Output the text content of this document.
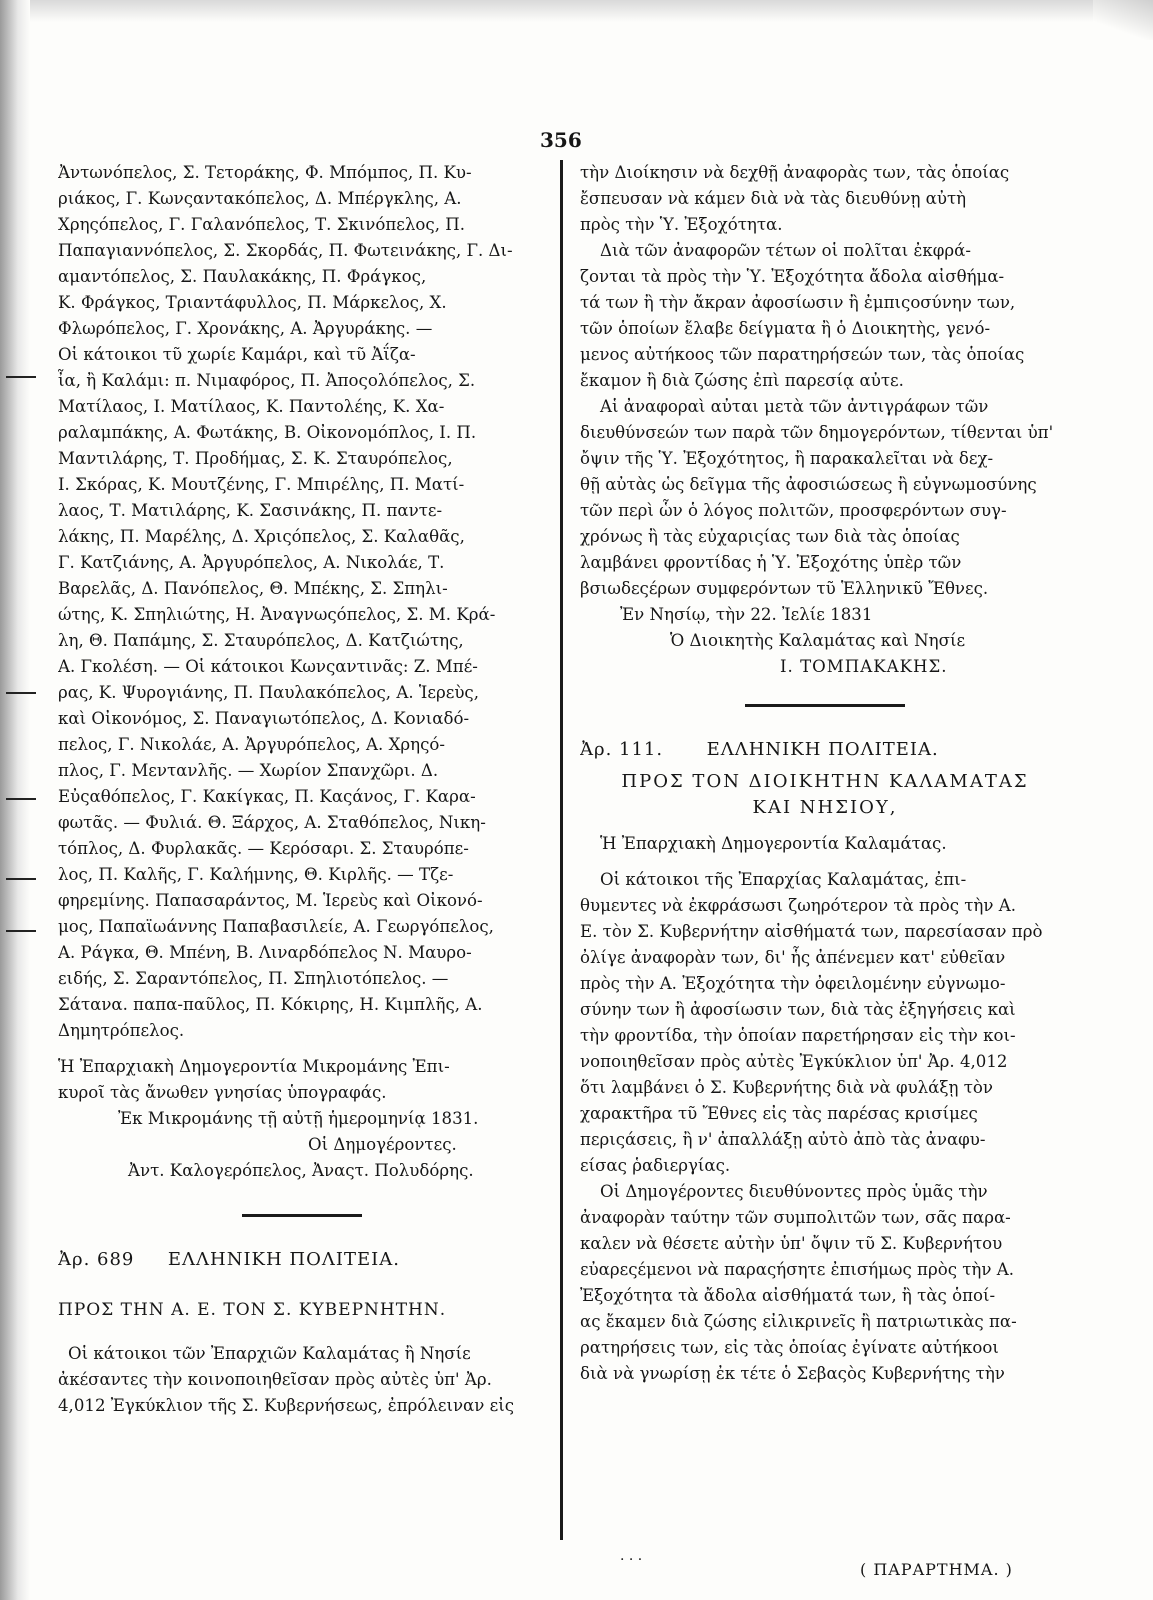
356
Ἀντωνόπελος, Σ. Τετοράκης, Φ. Μπόμπος, Π. Κυ-
ριάκος, Γ. Κωνςαντακόπελος, Δ. Μπέργκλης, Α.
Χρηςόπελος, Γ. Γαλανόπελος, Τ. Σκινόπελος, Π.
Παπαγιαννόπελος, Σ. Σκορδάς, Π. Φωτεινάκης, Γ. Δι-
αμαντόπελος, Σ. Παυλακάκης, Π. Φράγκος,
Κ. Φράγκος, Τριαντάφυλλος, Π. Μάρκελος, Χ.
Φλωρόπελος, Γ. Χρονάκης, Α. Ἀργυράκης. —
Οἱ κάτοικοι τῦ χωρίε Καμάρι, καὶ τῦ Ἀΐζα-
ἶα, ἢ Καλάμι: π. Νιμαφόρος, Π. Ἀποςολόπελος, Σ.
Ματίλαος, Ι. Ματίλαος, Κ. Παντολέης, Κ. Χα-
ραλαμπάκης, Α. Φωτάκης, Β. Οἰκονομόπλος, Ι. Π.
Μαντιλάρης, Τ. Προδήμας, Σ. Κ. Σταυρόπελος,
Ι. Σκόρας, Κ. Μουτζένης, Γ. Μπιρέλης, Π. Ματί-
λαος, Τ. Ματιλάρης, Κ. Σασινάκης, Π. παντε-
λάκης, Π. Μαρέλης, Δ. Χριςόπελος, Σ. Καλαθᾶς,
Γ. Κατζιάνης, Α. Ἀργυρόπελος, Α. Νικολάε, Τ.
Βαρελᾶς, Δ. Πανόπελος, Θ. Μπέκης, Σ. Σπηλι-
ώτης, Κ. Σπηλιώτης, Η. Ἀναγνωςόπελος, Σ. Μ. Κρά-
λη, Θ. Παπάμης, Σ. Σταυρόπελος, Δ. Κατζιώτης,
Α. Γκολέση. — Οἱ κάτοικοι Κωνςαντινᾶς: Ζ. Μπέ-
ρας, Κ. Ψυρογιάνης, Π. Παυλακόπελος, Α. Ἱερεὺς,
καὶ Οἰκονόμος, Σ. Παναγιωτόπελος, Δ. Κονιαδό-
πελος, Γ. Νικολάε, Α. Ἀργυρόπελος, Α. Χρηςό-
πλος, Γ. Μεντανλῆς. — Χωρίον Σπανχῶρι. Δ.
Εὐςαθόπελος, Γ. Κακίγκας, Π. Καςάνος, Γ. Καρα-
φωτᾶς. — Φυλιά. Θ. Ξάρχος, Α. Σταθόπελος, Νικη-
τόπλος, Δ. Φυρλακᾶς. — Κερόσαρι. Σ. Σταυρόπε-
λος, Π. Καλῆς, Γ. Καλήμνης, Θ. Κιρλῆς. — Τζε-
φηρεμίνης. Παπασαράντος, Μ. Ἱερεὺς καὶ Οἰκονό-
μος, Παπαϊωάννης Παπαβασιλείε, Α. Γεωργόπελος,
Α. Ράγκα, Θ. Μπένη, Β. Λιναρδόπελος Ν. Μαυρο-
ειδής, Σ. Σαραντόπελος, Π. Σπηλιοτόπελος. —
Σάτανα. παπα-παῦλος, Π. Κόκιρης, Η. Κιμπλῆς, Α.
Δημητρόπελος.
Ἡ Ἐπαρχιακὴ Δημογεροντία Μικρομάνης Ἐπι-
κυροῖ τὰς ἄνωθεν γνησίας ὑπογραφάς.
Ἐκ Μικρομάνης τῇ αὐτῇ ἡμερομηνίᾳ 1831.
Οἱ Δημογέροντες.
Ἀντ. Καλογερόπελος, Ἀναςτ. Πολυδόρης.
Ἀρ. 689 ΕΛΛΗΝΙΚΗ ΠΟΛΙΤΕΙΑ.
ΠΡΟΣ ΤΗΝ Α. Ε. ΤΟΝ Σ. ΚΥΒΕΡΝΗΤΗΝ.
Οἱ κάτοικοι τῶν Ἐπαρχιῶν Καλαμάτας ἢ Νησίε
ἀκέσαντες τὴν κοινοποιηθεῖσαν πρὸς αὐτὲς ὑπ' Ἀρ.
4,012 Ἐγκύκλιον τῆς Σ. Κυβερνήσεως, ἐπρόλειναν εἰς
τὴν Διοίκησιν νὰ δεχθῇ ἀναφορὰς των, τὰς ὁποίας
ἔσπευσαν νὰ κάμεν διὰ νὰ τὰς διευθύνῃ αὐτὴ
πρὸς τὴν Ὑ. Ἐξοχότητα.
Διὰ τῶν ἀναφορῶν τέτων οἱ πολῖται ἐκφρά-
ζονται τὰ πρὸς τὴν Ὑ. Ἐξοχότητα ἄδολα αἰσθήμα-
τά των ἢ τὴν ἄκραν ἀφοσίωσιν ἢ ἐμπιςοσύνην των,
τῶν ὁποίων ἔλαβε δείγματα ἢ ὁ Διοικητὴς, γενό-
μενος αὐτήκοος τῶν παρατηρήσεών των, τὰς ὁποίας
ἔκαμον ἢ διὰ ζώσης ἐπὶ παρεσίᾳ αὐτε.
Αἱ ἀναφοραὶ αὐται μετὰ τῶν ἀντιγράφων τῶν
διευθύνσεών των παρὰ τῶν δημογερόντων, τίθενται ὑπ'
ὄψιν τῆς Ὑ. Ἐξοχότητος, ἢ παρακαλεῖται νὰ δεχ-
θῇ αὐτὰς ὡς δεῖγμα τῆς ἀφοσιώσεως ἢ εὐγνωμοσύνης
τῶν περὶ ὧν ὁ λόγος πολιτῶν, προσφερόντων συγ-
χρόνως ἢ τὰς εὐχαριςίας των διὰ τὰς ὁποίας
λαμβάνει φροντίδας ἡ Ὑ. Ἐξοχότης ὑπὲρ τῶν
βσιωδεςέρων συμφερόντων τῦ Ἑλληνικῦ Ἔθνες.
Ἐν Νησίῳ, τὴν 22. Ἰελίε 1831
Ὁ Διοικητὴς Καλαμάτας καὶ Νησίε
Ι. ΤΟΜΠΑΚΑΚΗΣ.
Ἀρ. 111. ΕΛΛΗΝΙΚΗ ΠΟΛΙΤΕΙΑ.
ΠΡΟΣ ΤΟΝ ΔΙΟΙΚΗΤΗΝ ΚΑΛΑΜΑΤΑΣ
ΚΑΙ ΝΗΣΙΟΥ,
Ἡ Ἐπαρχιακὴ Δημογεροντία Καλαμάτας.
Οἱ κάτοικοι τῆς Ἐπαρχίας Καλαμάτας, ἐπι-
θυμεντες νὰ ἐκφράσωσι ζωηρότερον τὰ πρὸς τὴν Α.
Ε. τὸν Σ. Κυβερνήτην αἰσθήματά των, παρεσίασαν πρὸ
ὀλίγε ἀναφορὰν των, δι' ἧς ἀπένεμεν κατ' εὐθεῖαν
πρὸς τὴν Α. Ἐξοχότητα τὴν ὀφειλομένην εὐγνωμο-
σύνην των ἢ ἀφοσίωσιν των, διὰ τὰς ἐξηγήσεις καὶ
τὴν φροντίδα, τὴν ὁποίαν παρετήρησαν εἰς τὴν κοι-
νοποιηθεῖσαν πρὸς αὐτὲς Ἐγκύκλιον ὑπ' Ἀρ. 4,012
ὅτι λαμβάνει ὁ Σ. Κυβερνήτης διὰ νὰ φυλάξῃ τὸν
χαρακτῆρα τῦ Ἔθνες εἰς τὰς παρέσας κρισίμες
περιςάσεις, ἢ ν' ἀπαλλάξῃ αὐτὸ ἀπὸ τὰς ἀναφυ-
είσας ῥαδιεργίας.
Οἱ Δημογέροντες διευθύνοντες πρὸς ὑμᾶς τὴν
ἀναφορὰν ταύτην τῶν συμπολιτῶν των, σᾶς παρα-
καλεν νὰ θέσετε αὐτὴν ὑπ' ὄψιν τῦ Σ. Κυβερνήτου
εὐαρεςέμενοι νὰ παραςήσητε ἐπισήμως πρὸς τὴν Α.
Ἐξοχότητα τὰ ἄδολα αἰσθήματά των, ἢ τὰς ὁποί-
ας ἔκαμεν διὰ ζώσης εἰλικρινεῖς ἢ πατριωτικὰς πα-
ρατηρήσεις των, εἰς τὰς ὁποίας ἐγίνατε αὐτήκοοι
διὰ νὰ γνωρίσῃ ἐκ τέτε ὁ Σεβαςὸς Κυβερνήτης τὴν
· · ·	( ΠΑΡΑΡΤΗΜΑ. )
